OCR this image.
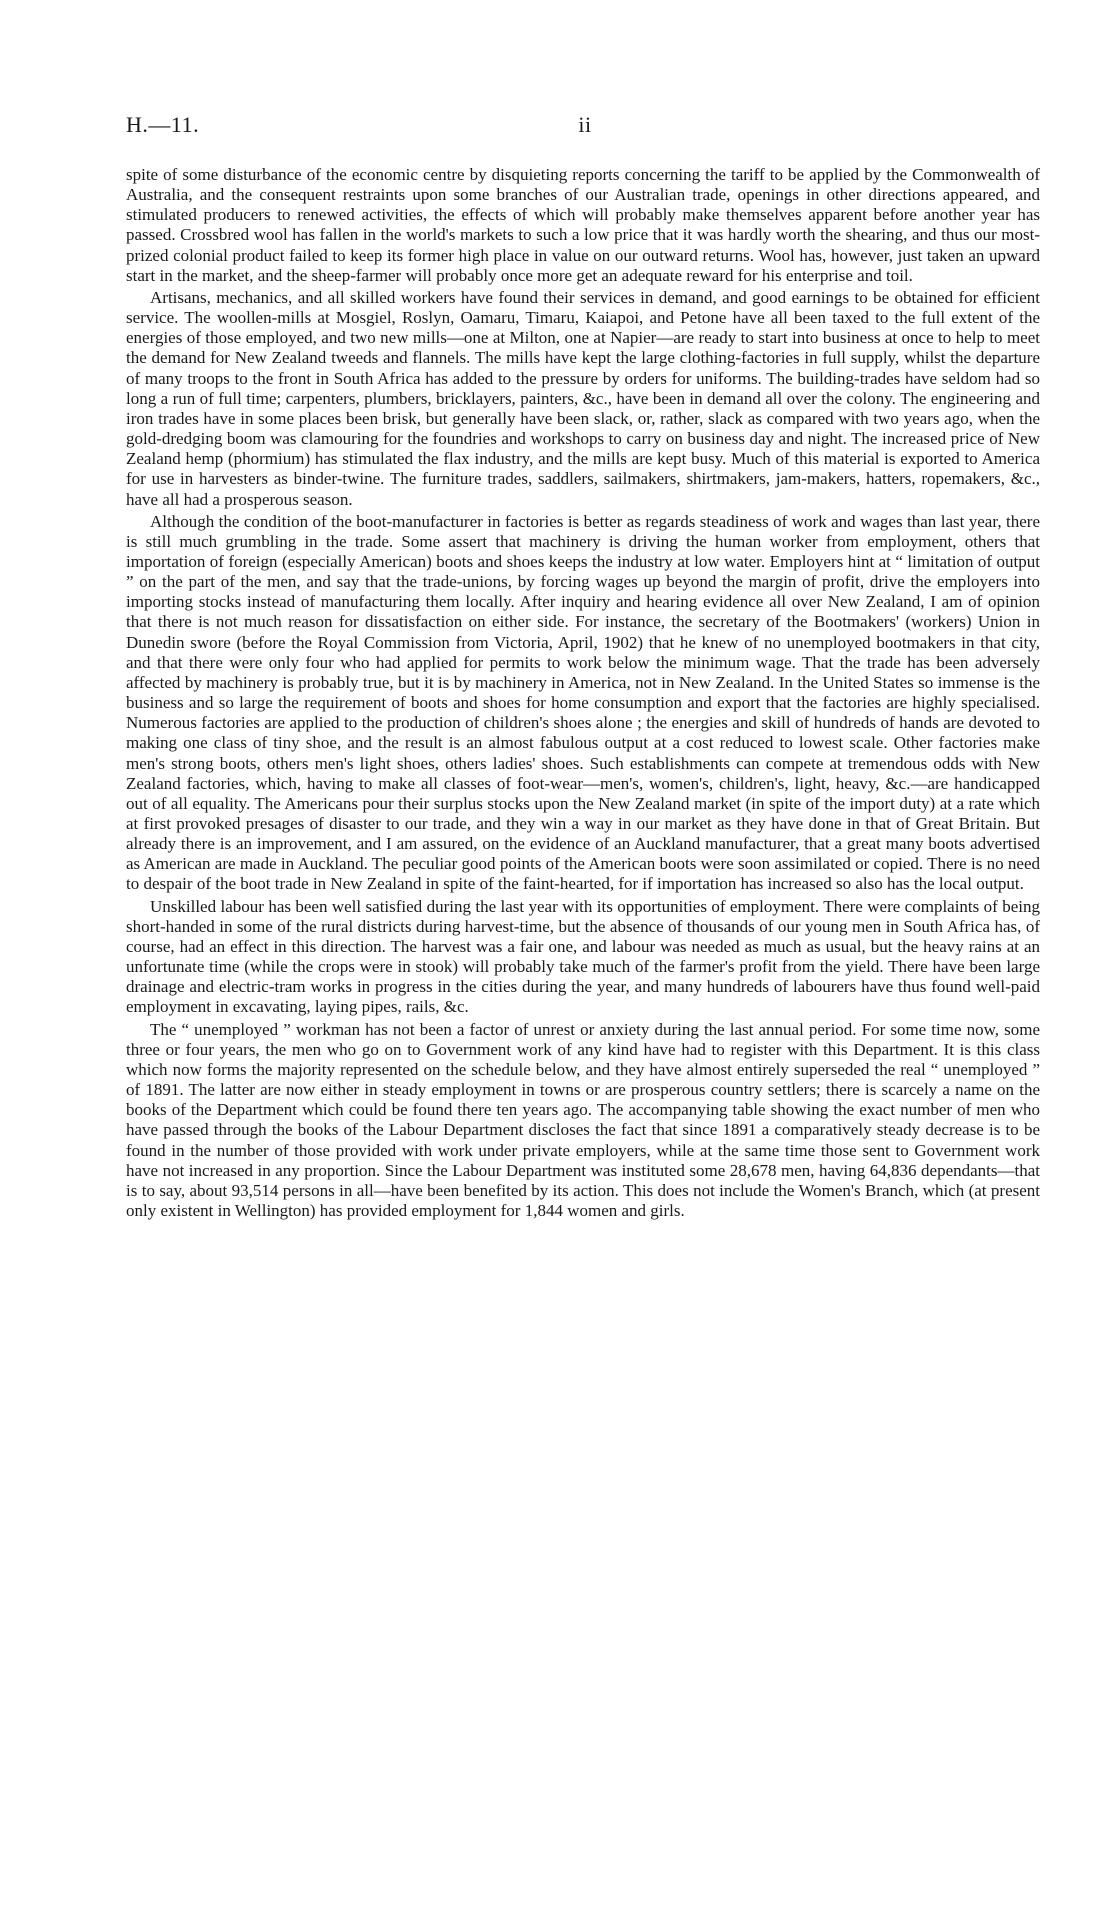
H.—11.	ii

spite of some disturbance of the economic centre by disquieting reports concerning the tariff to be applied by the Commonwealth of Australia, and the consequent restraints upon some branches of our Australian trade, openings in other directions appeared, and stimulated producers to renewed activities, the effects of which will probably make themselves apparent before another year has passed. Crossbred wool has fallen in the world's markets to such a low price that it was hardly worth the shearing, and thus our most-prized colonial product failed to keep its former high place in value on our outward returns. Wool has, however, just taken an upward start in the market, and the sheep-farmer will probably once more get an adequate reward for his enterprise and toil.

Artisans, mechanics, and all skilled workers have found their services in demand, and good earnings to be obtained for efficient service. The woollen-mills at Mosgiel, Roslyn, Oamaru, Timaru, Kaiapoi, and Petone have all been taxed to the full extent of the energies of those employed, and two new mills—one at Milton, one at Napier—are ready to start into business at once to help to meet the demand for New Zealand tweeds and flannels. The mills have kept the large clothing-factories in full supply, whilst the departure of many troops to the front in South Africa has added to the pressure by orders for uniforms. The building-trades have seldom had so long a run of full time; carpenters, plumbers, bricklayers, painters, &c., have been in demand all over the colony. The engineering and iron trades have in some places been brisk, but generally have been slack, or, rather, slack as compared with two years ago, when the gold-dredging boom was clamouring for the foundries and workshops to carry on business day and night. The increased price of New Zealand hemp (phormium) has stimulated the flax industry, and the mills are kept busy. Much of this material is exported to America for use in harvesters as binder-twine. The furniture trades, saddlers, sailmakers, shirtmakers, jam-makers, hatters, ropemakers, &c., have all had a prosperous season.

Although the condition of the boot-manufacturer in factories is better as regards steadiness of work and wages than last year, there is still much grumbling in the trade. Some assert that machinery is driving the human worker from employment, others that importation of foreign (especially American) boots and shoes keeps the industry at low water. Employers hint at “ limitation of output ” on the part of the men, and say that the trade-unions, by forcing wages up beyond the margin of profit, drive the employers into importing stocks instead of manufacturing them locally. After inquiry and hearing evidence all over New Zealand, I am of opinion that there is not much reason for dissatisfaction on either side. For instance, the secretary of the Bootmakers' (workers) Union in Dunedin swore (before the Royal Commission from Victoria, April, 1902) that he knew of no unemployed bootmakers in that city, and that there were only four who had applied for permits to work below the minimum wage. That the trade has been adversely affected by machinery is probably true, but it is by machinery in America, not in New Zealand. In the United States so immense is the business and so large the requirement of boots and shoes for home consumption and export that the factories are highly specialised. Numerous factories are applied to the production of children's shoes alone ; the energies and skill of hundreds of hands are devoted to making one class of tiny shoe, and the result is an almost fabulous output at a cost reduced to lowest scale. Other factories make men's strong boots, others men's light shoes, others ladies' shoes. Such establishments can compete at tremendous odds with New Zealand factories, which, having to make all classes of foot-wear—men's, women's, children's, light, heavy, &c.—are handicapped out of all equality. The Americans pour their surplus stocks upon the New Zealand market (in spite of the import duty) at a rate which at first provoked presages of disaster to our trade, and they win a way in our market as they have done in that of Great Britain. But already there is an improvement, and I am assured, on the evidence of an Auckland manufacturer, that a great many boots advertised as American are made in Auckland. The peculiar good points of the American boots were soon assimilated or copied. There is no need to despair of the boot trade in New Zealand in spite of the faint-hearted, for if importation has increased so also has the local output.

Unskilled labour has been well satisfied during the last year with its opportunities of employment. There were complaints of being short-handed in some of the rural districts during harvest-time, but the absence of thousands of our young men in South Africa has, of course, had an effect in this direction. The harvest was a fair one, and labour was needed as much as usual, but the heavy rains at an unfortunate time (while the crops were in stook) will probably take much of the farmer's profit from the yield. There have been large drainage and electric-tram works in progress in the cities during the year, and many hundreds of labourers have thus found well-paid employment in excavating, laying pipes, rails, &c.

The “ unemployed ” workman has not been a factor of unrest or anxiety during the last annual period. For some time now, some three or four years, the men who go on to Government work of any kind have had to register with this Department. It is this class which now forms the majority represented on the schedule below, and they have almost entirely superseded the real “ unemployed ” of 1891. The latter are now either in steady employment in towns or are prosperous country settlers; there is scarcely a name on the books of the Department which could be found there ten years ago. The accompanying table showing the exact number of men who have passed through the books of the Labour Department discloses the fact that since 1891 a comparatively steady decrease is to be found in the number of those provided with work under private employers, while at the same time those sent to Government work have not increased in any proportion. Since the Labour Department was instituted some 28,678 men, having 64,836 dependants—that is to say, about 93,514 persons in all—have been benefited by its action. This does not include the Women's Branch, which (at present only existent in Wellington) has provided employment for 1,844 women and girls.
